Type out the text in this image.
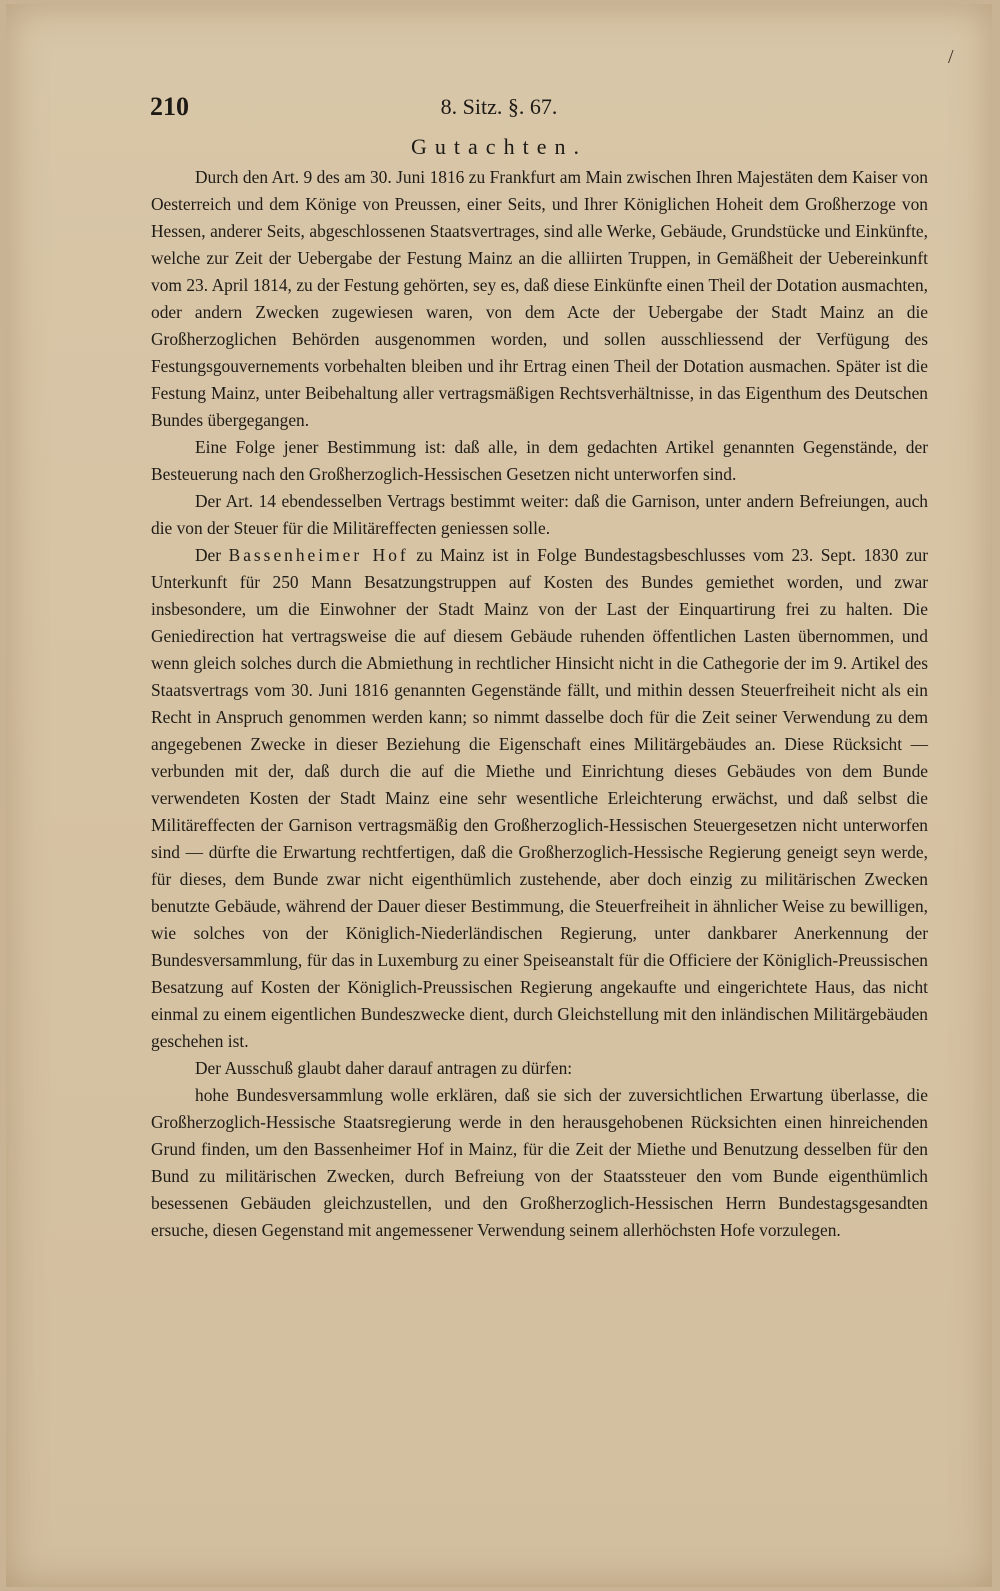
/
210	8. Sitz. §. 67.
Gutachten.

Durch den Art. 9 des am 30. Juni 1816 zu Frankfurt am Main zwischen Ihren Majestäten dem Kaiser von Oesterreich und dem Könige von Preussen, einer Seits, und Ihrer Königlichen Hoheit dem Großherzoge von Hessen, anderer Seits, abgeschlossenen Staatsvertrages, sind alle Werke, Gebäude, Grundstücke und Einkünfte, welche zur Zeit der Uebergabe der Festung Mainz an die alliirten Truppen, in Gemäßheit der Uebereinkunft vom 23. April 1814, zu der Festung gehörten, sey es, daß diese Einkünfte einen Theil der Dotation ausmachten, oder andern Zwecken zugewiesen waren, von dem Acte der Uebergabe der Stadt Mainz an die Großherzoglichen Behörden ausgenommen worden, und sollen ausschliessend der Verfügung des Festungsgouvernements vorbehalten bleiben und ihr Ertrag einen Theil der Dotation ausmachen. Später ist die Festung Mainz, unter Beibehaltung aller vertragsmäßigen Rechtsverhältnisse, in das Eigenthum des Deutschen Bundes übergegangen.

Eine Folge jener Bestimmung ist: daß alle, in dem gedachten Artikel genannten Gegenstände, der Besteuerung nach den Großherzoglich-Hessischen Gesetzen nicht unterworfen sind.

Der Art. 14 ebendesselben Vertrags bestimmt weiter: daß die Garnison, unter andern Befreiungen, auch die von der Steuer für die Militäreffecten geniessen solle.

Der Bassenheimer Hof zu Mainz ist in Folge Bundestagsbeschlusses vom 23. Sept. 1830 zur Unterkunft für 250 Mann Besatzungstruppen auf Kosten des Bundes gemiethet worden, und zwar insbesondere, um die Einwohner der Stadt Mainz von der Last der Einquartirung frei zu halten. Die Geniedirection hat vertragsweise die auf diesem Gebäude ruhenden öffentlichen Lasten übernommen, und wenn gleich solches durch die Abmiethung in rechtlicher Hinsicht nicht in die Cathegorie der im 9. Artikel des Staatsvertrags vom 30. Juni 1816 genannten Gegenstände fällt, und mithin dessen Steuerfreiheit nicht als ein Recht in Anspruch genommen werden kann; so nimmt dasselbe doch für die Zeit seiner Verwendung zu dem angegebenen Zwecke in dieser Beziehung die Eigenschaft eines Militärgebäudes an. Diese Rücksicht — verbunden mit der, daß durch die auf die Miethe und Einrichtung dieses Gebäudes von dem Bunde verwendeten Kosten der Stadt Mainz eine sehr wesentliche Erleichterung erwächst, und daß selbst die Militäreffecten der Garnison vertragsmäßig den Großherzoglich-Hessischen Steuergesetzen nicht unterworfen sind — dürfte die Erwartung rechtfertigen, daß die Großherzoglich-Hessische Regierung geneigt seyn werde, für dieses, dem Bunde zwar nicht eigenthümlich zustehende, aber doch einzig zu militärischen Zwecken benutzte Gebäude, während der Dauer dieser Bestimmung, die Steuerfreiheit in ähnlicher Weise zu bewilligen, wie solches von der Königlich-Niederländischen Regierung, unter dankbarer Anerkennung der Bundesversammlung, für das in Luxemburg zu einer Speiseanstalt für die Officiere der Königlich-Preussischen Besatzung auf Kosten der Königlich-Preussischen Regierung angekaufte und eingerichtete Haus, das nicht einmal zu einem eigentlichen Bundeszwecke dient, durch Gleichstellung mit den inländischen Militärgebäuden geschehen ist.

Der Ausschuß glaubt daher darauf antragen zu dürfen:

hohe Bundesversammlung wolle erklären, daß sie sich der zuversichtlichen Erwartung überlasse, die Großherzoglich-Hessische Staatsregierung werde in den herausgehobenen Rücksichten einen hinreichenden Grund finden, um den Bassenheimer Hof in Mainz, für die Zeit der Miethe und Benutzung desselben für den Bund zu militärischen Zwecken, durch Befreiung von der Staatssteuer den vom Bunde eigenthümlich besessenen Gebäuden gleichzustellen, und den Großherzoglich-Hessischen Herrn Bundestagsgesandten ersuche, diesen Gegenstand mit angemessener Verwendung seinem allerhöchsten Hofe vorzulegen.
